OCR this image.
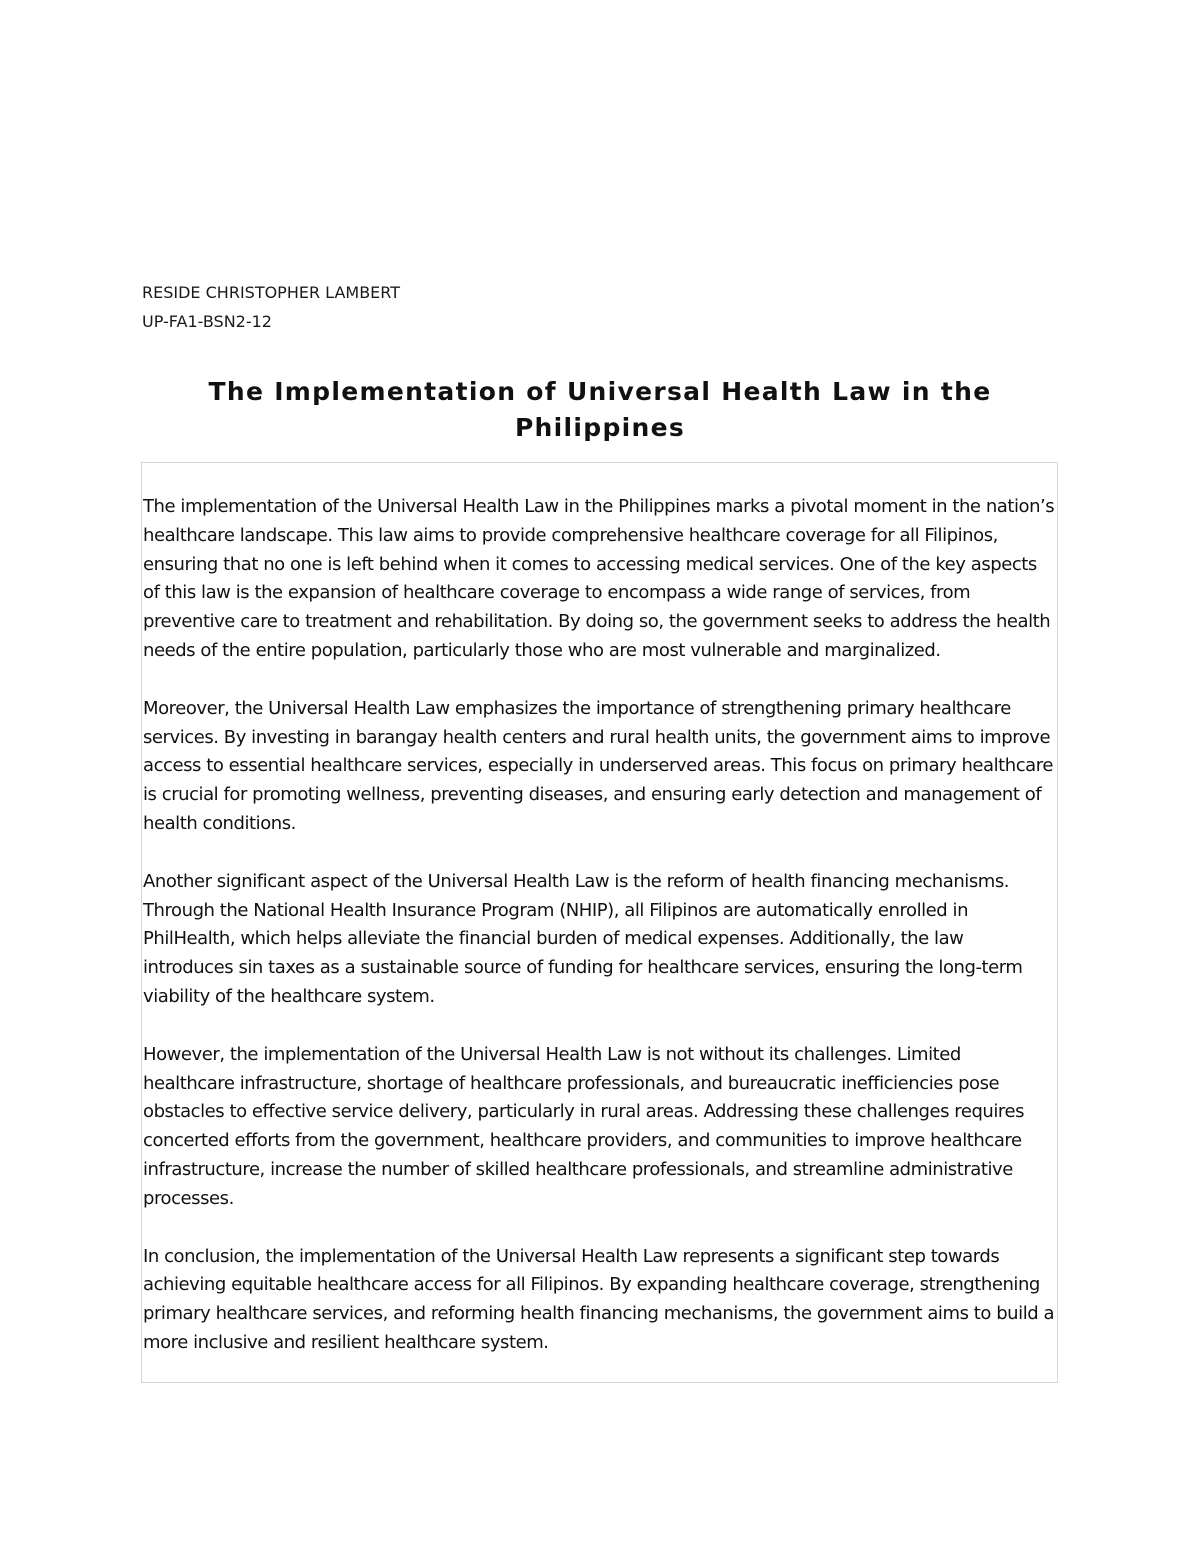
RESIDE CHRISTOPHER LAMBERT
UP-FA1-BSN2-12
The Implementation of Universal Health Law in the Philippines

The implementation of the Universal Health Law in the Philippines marks a pivotal moment in the nation’s healthcare landscape. This law aims to provide comprehensive healthcare coverage for all Filipinos, ensuring that no one is left behind when it comes to accessing medical services. One of the key aspects of this law is the expansion of healthcare coverage to encompass a wide range of services, from preventive care to treatment and rehabilitation. By doing so, the government seeks to address the health needs of the entire population, particularly those who are most vulnerable and marginalized.

Moreover, the Universal Health Law emphasizes the importance of strengthening primary healthcare services. By investing in barangay health centers and rural health units, the government aims to improve access to essential healthcare services, especially in underserved areas. This focus on primary healthcare is crucial for promoting wellness, preventing diseases, and ensuring early detection and management of health conditions.

Another significant aspect of the Universal Health Law is the reform of health financing mechanisms. Through the National Health Insurance Program (NHIP), all Filipinos are automatically enrolled in PhilHealth, which helps alleviate the financial burden of medical expenses. Additionally, the law introduces sin taxes as a sustainable source of funding for healthcare services, ensuring the long-term viability of the healthcare system.

However, the implementation of the Universal Health Law is not without its challenges. Limited healthcare infrastructure, shortage of healthcare professionals, and bureaucratic inefficiencies pose obstacles to effective service delivery, particularly in rural areas. Addressing these challenges requires concerted efforts from the government, healthcare providers, and communities to improve healthcare infrastructure, increase the number of skilled healthcare professionals, and streamline administrative processes.

In conclusion, the implementation of the Universal Health Law represents a significant step towards achieving equitable healthcare access for all Filipinos. By expanding healthcare coverage, strengthening primary healthcare services, and reforming health financing mechanisms, the government aims to build a more inclusive and resilient healthcare system.
